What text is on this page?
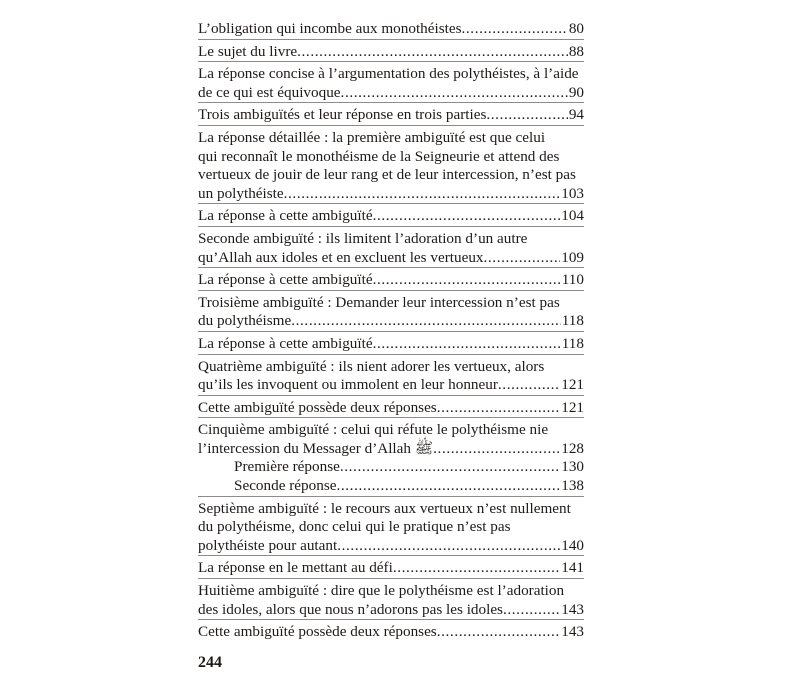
L’obligation qui incombe aux monothéistes .....	80
Le sujet du livre .....	88
La réponse concise à l’argumentation des polythéistes, à l’aide
de ce qui est équivoque .....	90
Trois ambiguïtés et leur réponse en trois parties .....	94
La réponse détaillée : la première ambiguïté est que celui
qui reconnaît le monothéisme de la Seigneurie et attend des
vertueux de jouir de leur rang et de leur intercession, n’est pas
un polythéiste .....	103
La réponse à cette ambiguïté .....	104
Seconde ambiguïté : ils limitent l’adoration d’un autre
qu’Allah aux idoles et en excluent les vertueux .....	109
La réponse à cette ambiguïté .....	110
Troisième ambiguïté : Demander leur intercession n’est pas
du polythéisme .....	118
La réponse à cette ambiguïté .....	118
Quatrième ambiguïté : ils nient adorer les vertueux, alors
qu’ils les invoquent ou immolent en leur honneur .....	121
Cette ambiguïté possède deux réponses .....	121
Cinquième ambiguïté : celui qui réfute le polythéisme nie
l’intercession du Messager d’Allah ﷺ .....	128
Première réponse .....	130
Seconde réponse .....	138
Septième ambiguïté : le recours aux vertueux n’est nullement
du polythéisme, donc celui qui le pratique n’est pas
polythéiste pour autant .....	140
La réponse en le mettant au défi .....	141
Huitième ambiguïté : dire que le polythéisme est l’adoration
des idoles, alors que nous n’adorons pas les idoles .....	143
Cette ambiguïté possède deux réponses .....	143
244
